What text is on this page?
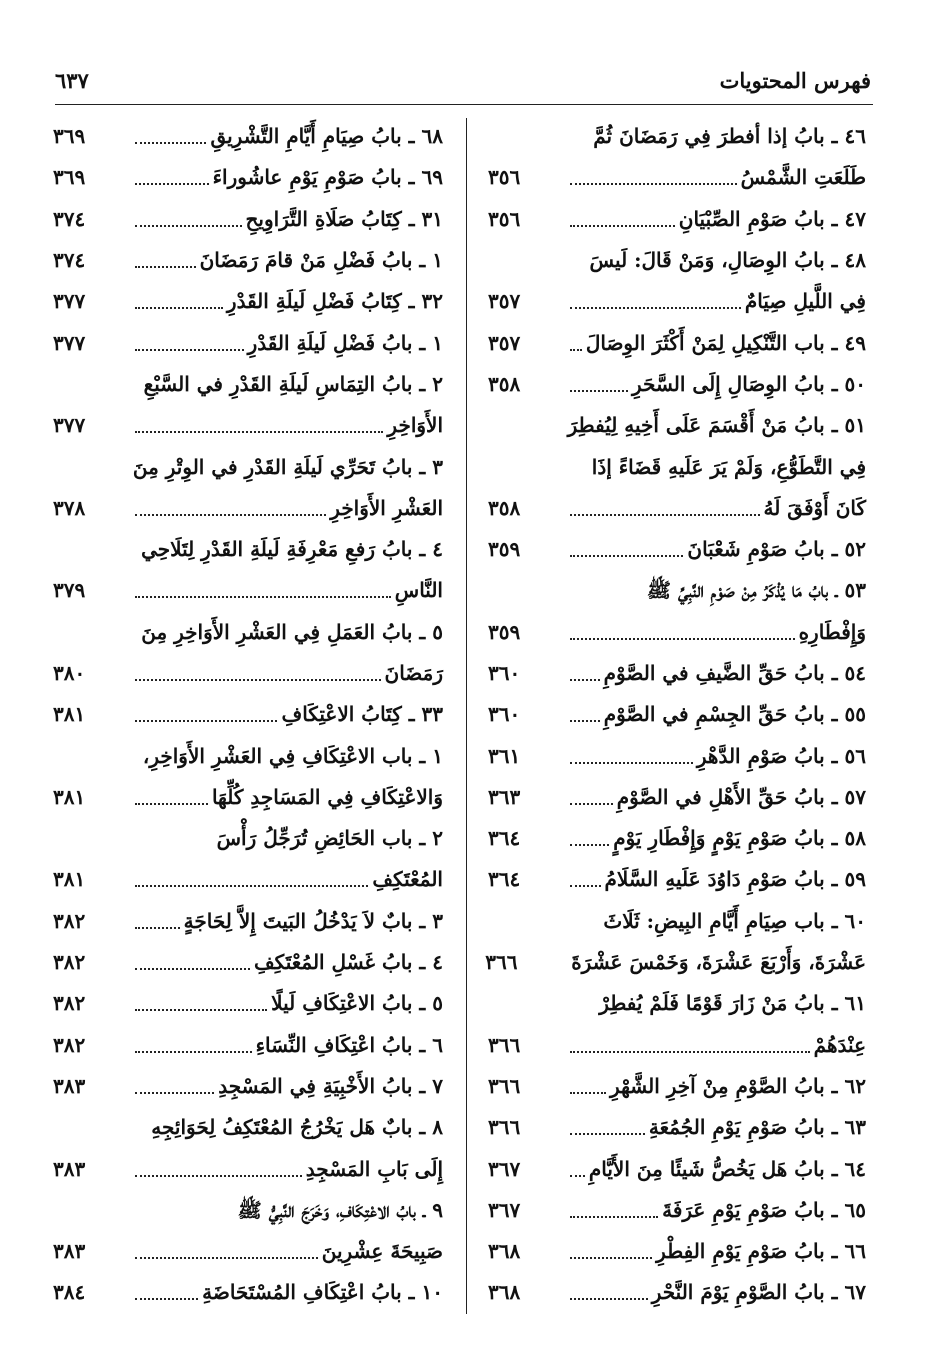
فهرس المحتويات
٦٣٧
٤٦ ـ بابُ إذا أفطرَ فِي رَمَضَانَ ثُمَّ
طَلَعَتِ الشَّمْسُ
٣٥٦
٤٧ ـ بابُ صَوْمِ الصِّبْيَانِ
٣٥٦
٤٨ ـ بابُ الوِصَالِ، وَمَنْ قَالَ: لَيسَ
فِي اللَّيلِ صِيَامٌ
٣٥٧
٤٩ ـ باب التَّنْكِيلِ لِمَنْ أَكْثَرَ الوِصَالَ
٣٥٧
٥٠ ـ بابُ الوِصَالِ إِلَى السَّحَرِ
٣٥٨
٥١ ـ بابُ مَنْ أَقْسَمَ عَلَى أَخِيهِ لِيُفطِرَ
فِي التَّطَوُّعِ، وَلَمْ يَرَ عَلَيهِ قَضَاءً إذَا
كَانَ أَوْفَقَ لَهُ
٣٥٨
٥٢ ـ بابُ صَوْمِ شَعْبَانَ
٣٥٩
٥٣ ـ بابُ مَا يُذْكَرُ مِنْ صَوْمِ النَّبِيِّ ﷺ
وَإِفْطَارِهِ
٣٥٩
٥٤ ـ بابُ حَقِّ الضَّيفِ في الصَّوْمِ
٣٦٠
٥٥ ـ بابُ حَقِّ الجِسْمِ في الصَّوْمِ
٣٦٠
٥٦ ـ بابُ صَوْمِ الدَّهْرِ
٣٦١
٥٧ ـ بابُ حَقِّ الأَهْلِ في الصَّوْمِ
٣٦٣
٥٨ ـ بابُ صَوْمِ يَوْمٍ وَإِفْطَارِ يَوْمٍ
٣٦٤
٥٩ ـ بابُ صَوْمِ دَاوُدَ عَلَيهِ السَّلَامُ
٣٦٤
٦٠ ـ باب صِيَامِ أَيَّامِ البِيضِ: ثَلَاثَ
عَشْرَةَ، وَأَرْبَعَ عَشْرَةَ، وَخَمْسَ عَشْرَةَ
٣٦٦
٦١ ـ بابُ مَنْ زَارَ قَوْمًا فَلَمْ يُفطِرْ
عِنْدَهُمْ
٣٦٦
٦٢ ـ بابُ الصَّوْمِ مِنْ آخِرِ الشَّهْرِ
٣٦٦
٦٣ ـ بابُ صَوْمِ يَوْمِ الجُمُعَةِ
٣٦٦
٦٤ ـ بابُ هَل يَخُصُّ شَيئًا مِنَ الأَيَّامِ
٣٦٧
٦٥ ـ بابُ صَوْمِ يَوْمِ عَرَفَةَ
٣٦٧
٦٦ ـ بابُ صَوْمِ يَوْمِ الفِطْرِ
٣٦٨
٦٧ ـ بابُ الصَّوْمِ يَوْمَ النَّحْرِ
٣٦٨
٦٨ ـ بابُ صِيَامِ أَيَّامِ التَّشْرِيقِ
٣٦٩
٦٩ ـ بابُ صَوْمِ يَوْمِ عاشُوراءَ
٣٦٩
٣١ ـ كِتَابُ صَلَاةِ التَّرَاوِيحِ
٣٧٤
١ ـ بابُ فَضْلِ مَنْ قامَ رَمَضَانَ
٣٧٤
٣٢ ـ كِتَابُ فَضْلِ لَيلَةِ القَدْرِ
٣٧٧
١ ـ بابُ فَضْلِ لَيلَةِ القَدْرِ
٣٧٧
٢ ـ بابُ التِمَاسِ لَيلَةِ القَدْرِ في السَّبْعِ
الأَوَاخِرِ
٣٧٧
٣ ـ بابُ تَحَرِّي لَيلَةِ القَدْرِ في الوِتْرِ مِنَ
العَشْرِ الأَوَاخِرِ
٣٧٨
٤ ـ بابُ رَفعِ مَعْرِفَةِ لَيلَةِ القَدْرِ لِتَلَاحِي
النَّاسِ
٣٧٩
٥ ـ بابُ العَمَلِ فِي العَشْرِ الأَوَاخِرِ مِنَ
رَمَضَانَ
٣٨٠
٣٣ ـ كِتَابُ الاعْتِكَافِ
٣٨١
١ ـ باب الاعْتِكَافِ فِي العَشْرِ الأَوَاخِرِ،
وَالاعْتِكَافِ فِي المَسَاجِدِ كُلِّهَا
٣٨١
٢ ـ باب الحَائِضِ تُرَجِّلُ رَأْسَ
المُعْتَكِفِ
٣٨١
٣ ـ بابٌ لاَ يَدْخُلُ البَيتَ إِلاَّ لِحَاجَةٍ
٣٨٢
٤ ـ بابُ غَسْلِ المُعْتَكِفِ
٣٨٢
٥ ـ بابُ الاعْتِكَافِ لَيلًا
٣٨٢
٦ ـ بابُ اعْتِكَافِ النِّسَاءِ
٣٨٢
٧ ـ بابُ الأَخْبِيَةِ فِي المَسْجِدِ
٣٨٣
٨ ـ بابٌ هَل يَخْرُجُ المُعْتَكِفُ لِحَوَائِجِهِ
إِلَى بَابِ المَسْجِدِ
٣٨٣
٩ ـ بابُ الاعْتِكَافِ، وَخَرَجَ النَّبِيُّ ﷺ
صَبِيحَةَ عِشْرِينَ
٣٨٣
١٠ ـ بابُ اعْتِكَافِ المُسْتَحَاضَةِ
٣٨٤
